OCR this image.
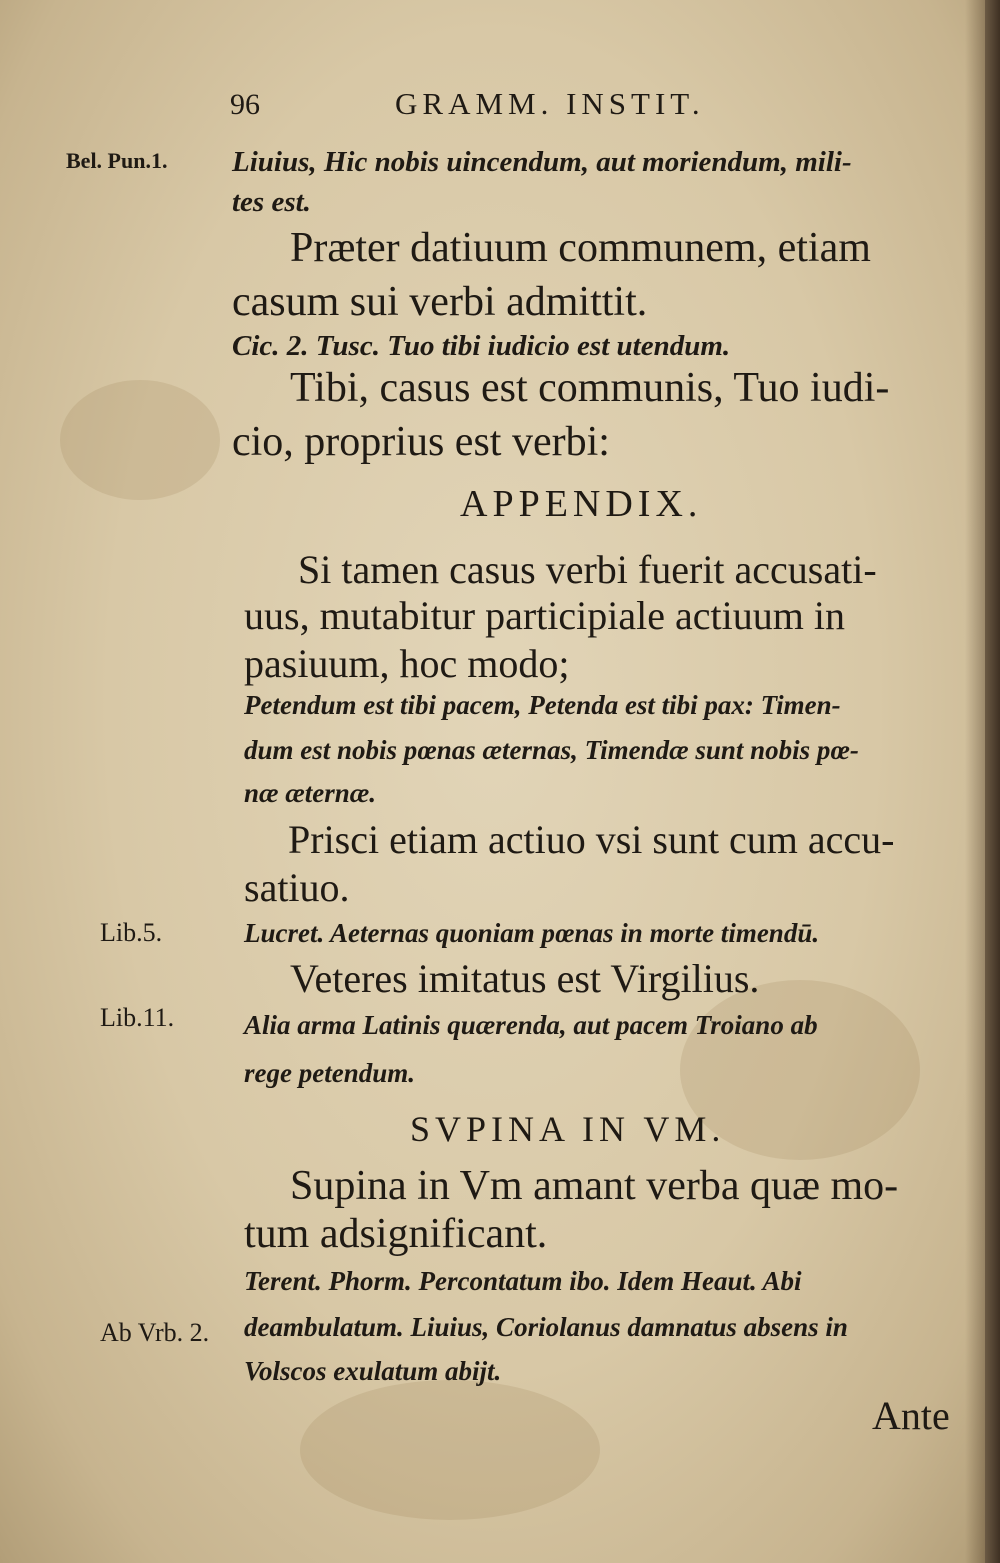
96	GRAMM. INSTIT.
Bel. Pun.1.
Lib.5.
Lib.11.
Ab Vrb. 2.
Liuius, Hic nobis uincendum, aut moriendum, mili-
tes est.
Præter datiuum communem, etiam
casum sui verbi admittit.
Cic. 2. Tusc. Tuo tibi iudicio est utendum.
Tibi, casus est communis, Tuo iudi-
cio, proprius est verbi:
APPENDIX.
Si tamen casus verbi fuerit accusati-
uus, mutabitur participiale actiuum in
pasiuum, hoc modo;
Petendum est tibi pacem, Petenda est tibi pax: Timen-
dum est nobis pœnas æternas, Timendæ sunt nobis pœ-
næ æternæ.
Prisci etiam actiuo vsi sunt cum accu-
satiuo.
Lucret. Aeternas quoniam pœnas in morte timendū.
Veteres imitatus est Virgilius.
Alia arma Latinis quærenda, aut pacem Troiano ab
rege petendum.
SVPINA IN VM.
Supina in Vm amant verba quæ mo-
tum adsignificant.
Terent. Phorm. Percontatum ibo. Idem Heaut. Abi
deambulatum. Liuius, Coriolanus damnatus absens in
Volscos exulatum abijt.
Ante
